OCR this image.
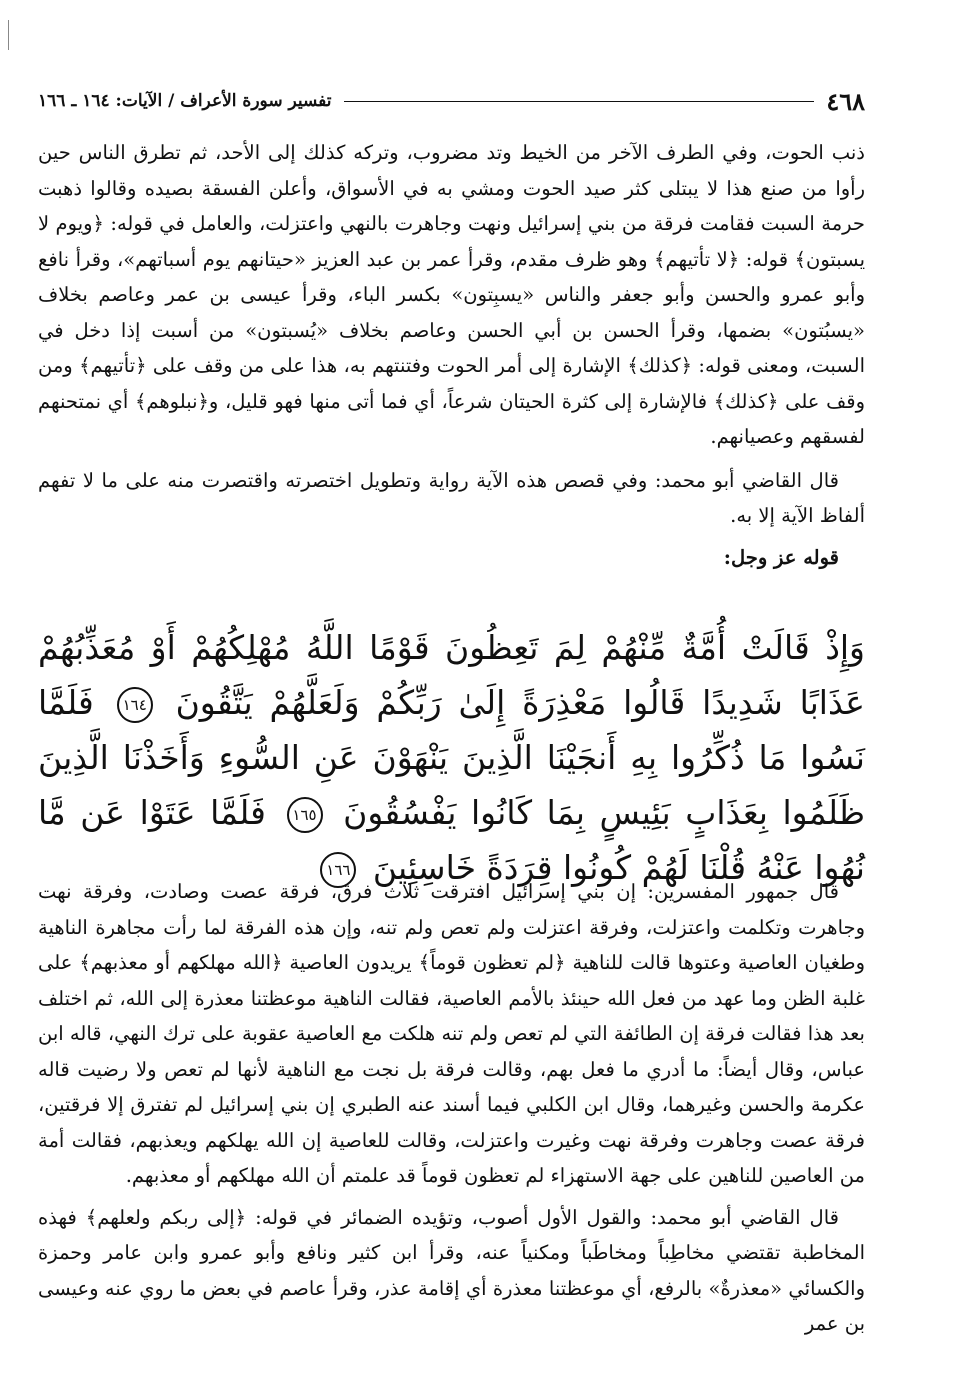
٤٦٨
تفسير سورة الأعراف / الآيات: ١٦٤ ـ ١٦٦

ذنب الحوت، وفي الطرف الآخر من الخيط وتد مضروب، وتركه كذلك إلى الأحد، ثم تطرق الناس حين رأوا من صنع هذا لا يبتلى كثر صيد الحوت ومشي به في الأسواق، وأعلن الفسقة بصيده وقالوا ذهبت حرمة السبت فقامت فرقة من بني إسرائيل ونهت وجاهرت بالنهي واعتزلت، والعامل في قوله: ﴿ويوم لا يسبتون﴾ قوله: ﴿لا تأتيهم﴾ وهو ظرف مقدم، وقرأ عمر بن عبد العزيز «حيتانهم يوم أسباتهم»، وقرأ نافع وأبو عمرو والحسن وأبو جعفر والناس «يسبِتون» بكسر الباء، وقرأ عيسى بن عمر وعاصم بخلاف «يسبُتون» بضمها، وقرأ الحسن بن أبي الحسن وعاصم بخلاف «يُسبتون» من أسبت إذا دخل في السبت، ومعنى قوله: ﴿كذلك﴾ الإشارة إلى أمر الحوت وفتنتهم به، هذا على من وقف على ﴿تأتيهم﴾ ومن وقف على ﴿كذلك﴾ فالإشارة إلى كثرة الحيتان شرعاً، أي فما أتى منها فهو قليل، و﴿نبلوهم﴾ أي نمتحنهم لفسقهم وعصيانهم.

قال القاضي أبو محمد: وفي قصص هذه الآية رواية وتطويل اختصرته واقتصرت منه على ما لا تفهم ألفاظ الآية إلا به.

قوله عز وجل:

وَإِذْ قَالَتْ أُمَّةٌ مِّنْهُمْ لِمَ تَعِظُونَ قَوْمًا اللَّهُ مُهْلِكُهُمْ أَوْ مُعَذِّبُهُمْ عَذَابًا شَدِيدًا قَالُوا مَعْذِرَةً إِلَىٰ رَبِّكُمْ وَلَعَلَّهُمْ يَتَّقُونَ ١٦٤ فَلَمَّا نَسُوا مَا ذُكِّرُوا بِهِ أَنجَيْنَا الَّذِينَ يَنْهَوْنَ عَنِ السُّوءِ وَأَخَذْنَا الَّذِينَ ظَلَمُوا بِعَذَابٍ بَئِيسٍ بِمَا كَانُوا يَفْسُقُونَ ١٦٥ فَلَمَّا عَتَوْا عَن مَّا نُهُوا عَنْهُ قُلْنَا لَهُمْ كُونُوا قِرَدَةً خَاسِئِينَ ١٦٦

قال جمهور المفسرين: إن بني إسرائيل افترقت ثلاث فرق، فرقة عصت وصادت، وفرقة نهت وجاهرت وتكلمت واعتزلت، وفرقة اعتزلت ولم تعص ولم تنه، وإن هذه الفرقة لما رأت مجاهرة الناهية وطغيان العاصية وعتوها قالت للناهية ﴿لم تعظون قوماً﴾ يريدون العاصية ﴿الله مهلكهم أو معذبهم﴾ على غلبة الظن وما عهد من فعل الله حينئذ بالأمم العاصية، فقالت الناهية موعظتنا معذرة إلى الله، ثم اختلف بعد هذا فقالت فرقة إن الطائفة التي لم تعص ولم تنه هلكت مع العاصية عقوبة على ترك النهي، قاله ابن عباس، وقال أيضاً: ما أدري ما فعل بهم، وقالت فرقة بل نجت مع الناهية لأنها لم تعص ولا رضيت قاله عكرمة والحسن وغيرهما، وقال ابن الكلبي فيما أسند عنه الطبري إن بني إسرائيل لم تفترق إلا فرقتين، فرقة عصت وجاهرت وفرقة نهت وغيرت واعتزلت، وقالت للعاصية إن الله يهلكهم ويعذبهم، فقالت أمة من العاصين للناهين على جهة الاستهزاء لم تعظون قوماً قد علمتم أن الله مهلكهم أو معذبهم.

قال القاضي أبو محمد: والقول الأول أصوب، وتؤيده الضمائر في قوله: ﴿إلى ربكم ولعلهم﴾ فهذه المخاطبة تقتضي مخاطِباً ومخاطَباً ومكنياً عنه، وقرأ ابن كثير ونافع وأبو عمرو وابن عامر وحمزة والكسائي «معذرةٌ» بالرفع، أي موعظتنا معذرة أي إقامة عذر، وقرأ عاصم في بعض ما روي عنه وعيسى بن عمر
